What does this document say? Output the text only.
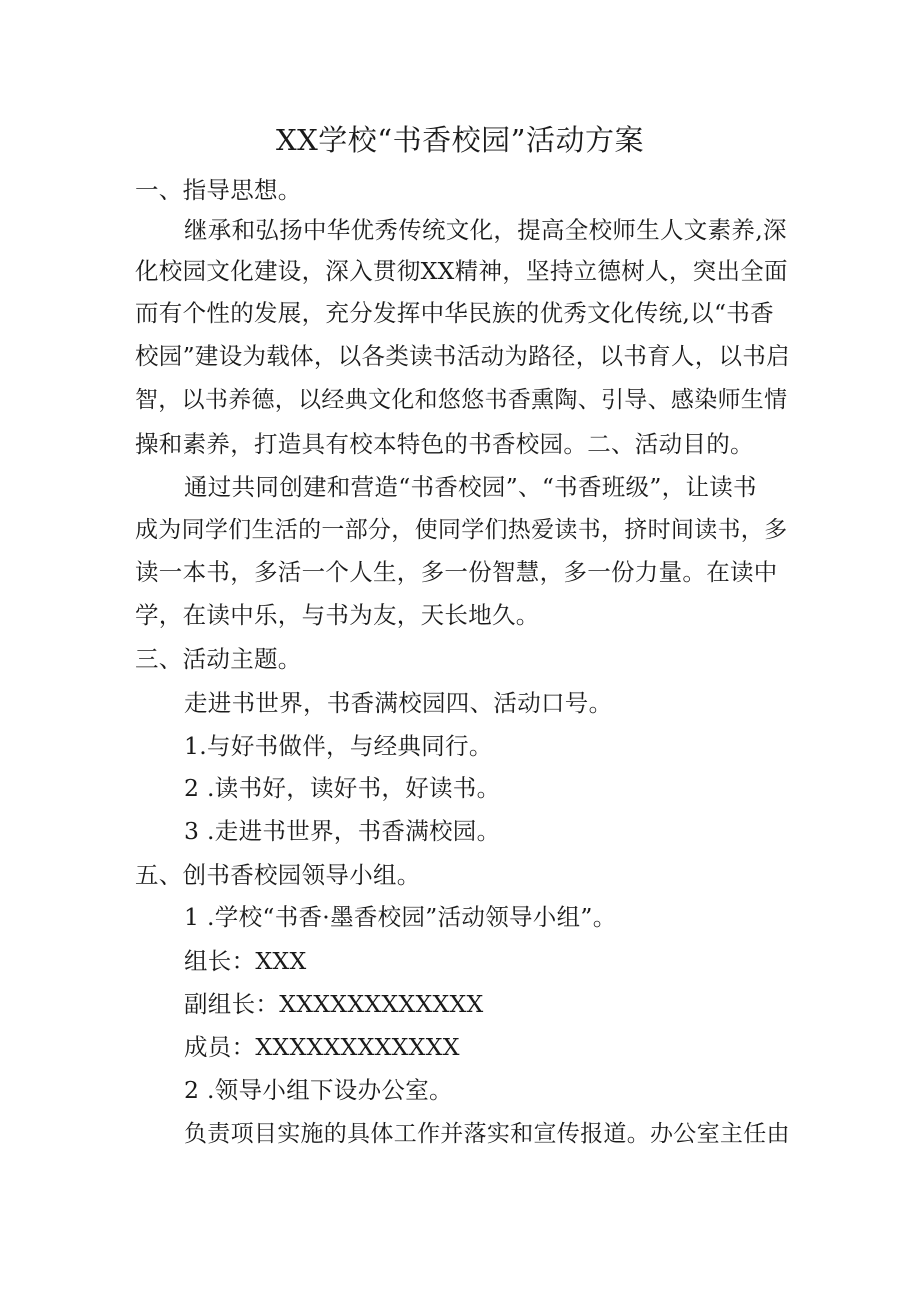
XX学校“书香校园”活动方案
一、指导思想。
继承和弘扬中华优秀传统文化，提高全校师生人文素养,深
化校园文化建设，深入贯彻XX精神，坚持立德树人，突出全面
而有个性的发展，充分发挥中华民族的优秀文化传统,以“书香
校园”建设为载体，以各类读书活动为路径，以书育人，以书启
智，以书养德，以经典文化和悠悠书香熏陶、引导、感染师生情
操和素养，打造具有校本特色的书香校园。二、活动目的。
通过共同创建和营造“书香校园”、“书香班级”，让读书
成为同学们生活的一部分，使同学们热爱读书，挤时间读书，多
读一本书，多活一个人生，多一份智慧，多一份力量。在读中
学，在读中乐，与书为友，天长地久。
三、活动主题。
走进书世界，书香满校园四、活动口号。
1.与好书做伴，与经典同行。
2 .读书好，读好书，好读书。
3 .走进书世界，书香满校园。
五、创书香校园领导小组。
1 .学校“书香·墨香校园”活动领导小组”。
组长：XXX
副组长：XXXXXXXXXXXX
成员：XXXXXXXXXXXX
2 .领导小组下设办公室。
负责项目实施的具体工作并落实和宣传报道。办公室主任由
